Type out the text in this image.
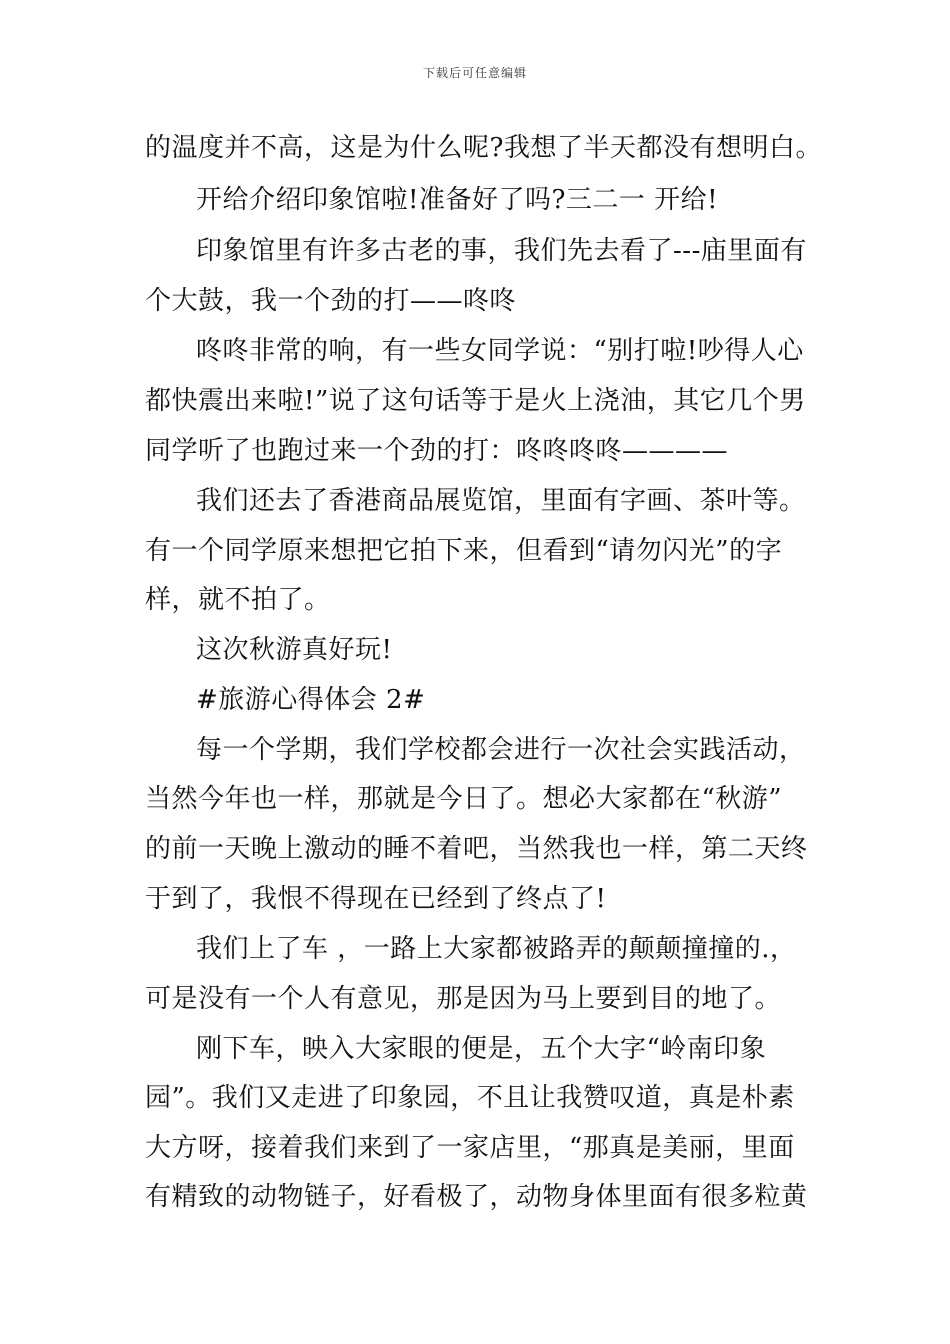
下载后可任意编辑
的温度并不高，这是为什么呢?我想了半天都没有想明白。
开给介绍印象馆啦!准备好了吗?三二一 开给!
印象馆里有许多古老的事，我们先去看了---庙里面有
个大鼓，我一个劲的打——咚咚
咚咚非常的响，有一些女同学说：“别打啦!吵得人心
都快震出来啦!”说了这句话等于是火上浇油，其它几个男
同学听了也跑过来一个劲的打：咚咚咚咚————
我们还去了香港商品展览馆，里面有字画、茶叶等。
有一个同学原来想把它拍下来，但看到“请勿闪光”的字
样，就不拍了。
这次秋游真好玩!
#旅游心得体会 2#
每一个学期，我们学校都会进行一次社会实践活动，
当然今年也一样，那就是今日了。想必大家都在“秋游”
的前一天晚上激动的睡不着吧，当然我也一样，第二天终
于到了，我恨不得现在已经到了终点了!
我们上了车 ，一路上大家都被路弄的颠颠撞撞的.，
可是没有一个人有意见，那是因为马上要到目的地了。
刚下车，映入大家眼的便是，五个大字“岭南印象
园”。我们又走进了印象园，不且让我赞叹道，真是朴素
大方呀，接着我们来到了一家店里，“那真是美丽，里面
有精致的动物链子，好看极了，动物身体里面有很多粒黄
